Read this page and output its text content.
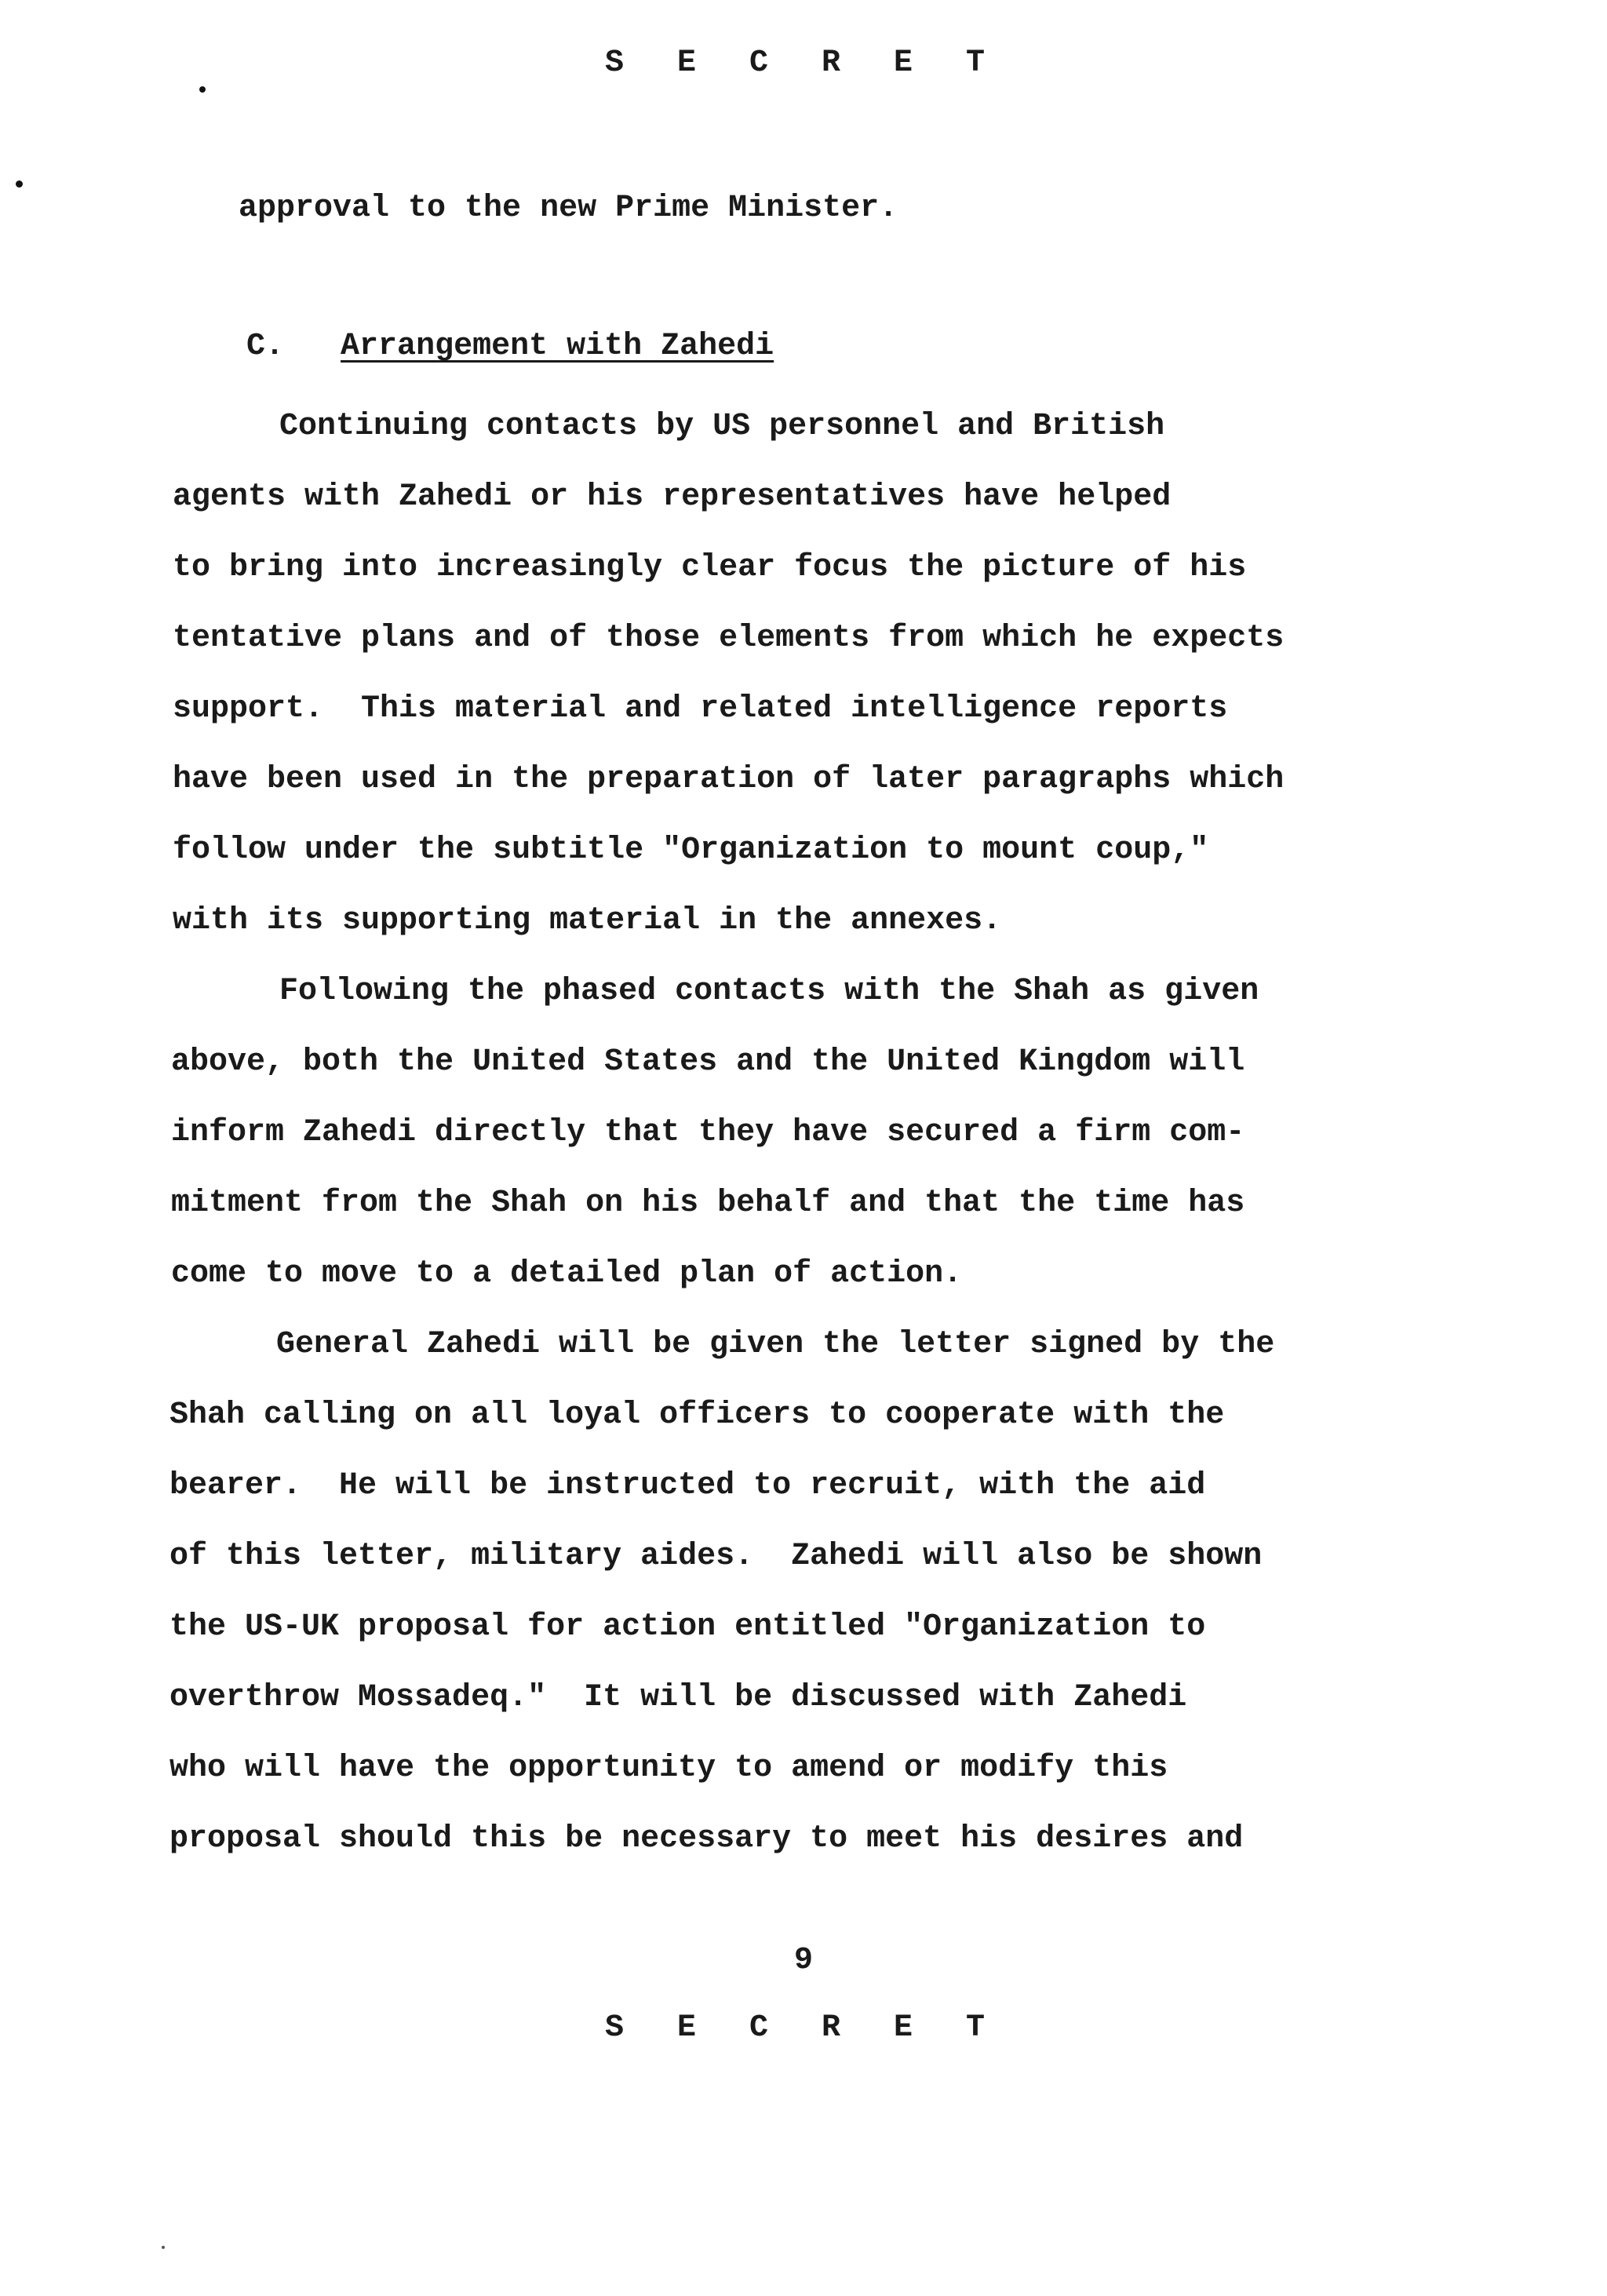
S E C R E T
approval to the new Prime Minister.

C. Arrangement with Zahedi

Continuing contacts by US personnel and British
agents with Zahedi or his representatives have helped
to bring into increasingly clear focus the picture of his
tentative plans and of those elements from which he expects
support.  This material and related intelligence reports
have been used in the preparation of later paragraphs which
follow under the subtitle "Organization to mount coup,"
with its supporting material in the annexes.
Following the phased contacts with the Shah as given
above, both the United States and the United Kingdom will
inform Zahedi directly that they have secured a firm com-
mitment from the Shah on his behalf and that the time has
come to move to a detailed plan of action.
General Zahedi will be given the letter signed by the
Shah calling on all loyal officers to cooperate with the
bearer.  He will be instructed to recruit, with the aid
of this letter, military aides.  Zahedi will also be shown
the US-UK proposal for action entitled "Organization to
overthrow Mossadeq."  It will be discussed with Zahedi
who will have the opportunity to amend or modify this
proposal should this be necessary to meet his desires and
9
S E C R E T
